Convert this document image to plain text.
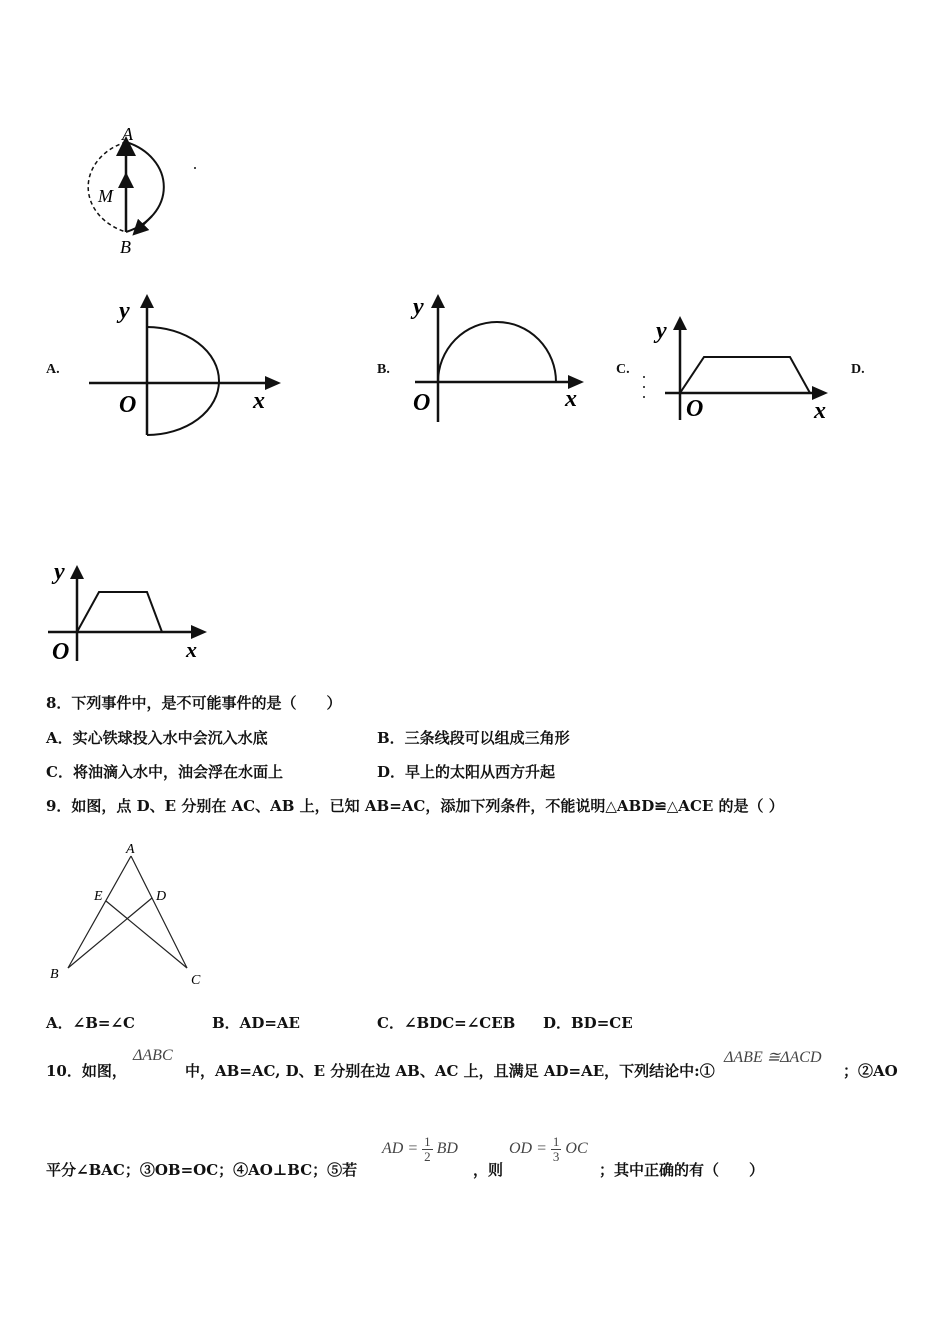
A
M
B
A.
y
O	x
B.
y
O	x
C.
y
O	x
D.
y
O	x
8．下列事件中，是不可能事件的是（　　）
A．实心铁球投入水中会沉入水底	B．三条线段可以组成三角形
C．将油滴入水中，油会浮在水面上	D．早上的太阳从西方升起
9．如图，点 D、E 分别在 AC、AB 上，已知 AB=AC，添加下列条件，不能说明△ABD≌△ACE 的是（ ）
A
E	D
B	C
A．∠B=∠C	B．AD=AE	C．∠BDC=∠CEB D．BD=CE
10．如图，
ΔABC
中，AB=AC, D、E 分别在边 AB、AC 上，且满足 AD=AE，下列结论中:①
ΔABE ≅ΔACD
；②AO
平分∠BAC；③OB=OC；④AO⊥BC；⑤若
AD = $\frac{1}{2}$ BD
，则
OD = $\frac{1}{3}$ OC
；其中正确的有（　　）
